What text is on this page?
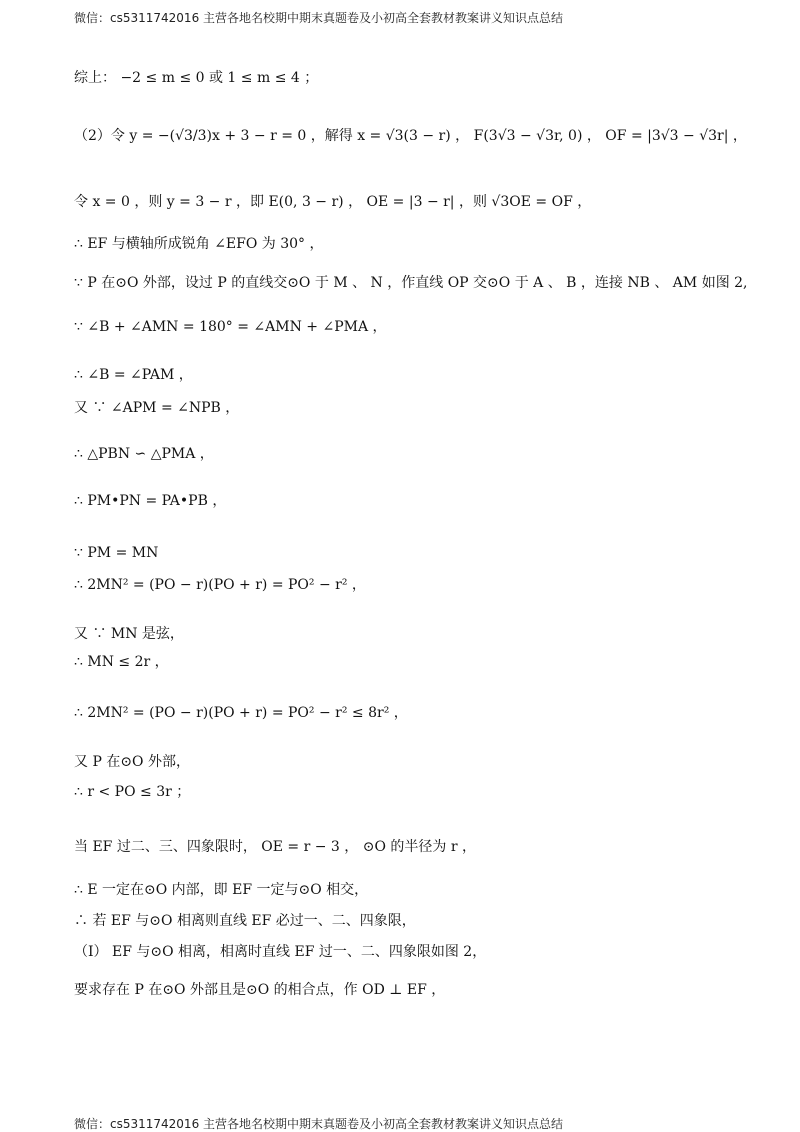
微信：cs5311742016 主营各地名校期中期末真题卷及小初高全套教材教案讲义知识点总结
综上： −2 ≤ m ≤ 0 或 1 ≤ m ≤ 4 ；
（2）令 y = −(√3/3)x + 3 − r = 0 ，解得 x = √3(3 − r) ， F(3√3 − √3r, 0) ， OF = |3√3 − √3r| ，
令 x = 0 ，则 y = 3 − r ，即 E(0, 3 − r) ， OE = |3 − r| ，则 √3OE = OF ，
∴ EF 与横轴所成锐角 ∠EFO 为 30° ，
∵ P 在⊙O 外部，设过 P 的直线交⊙O 于 M 、 N ，作直线 OP 交⊙O 于 A 、 B ，连接 NB 、 AM 如图 2,
∵ ∠B + ∠AMN = 180° = ∠AMN + ∠PMA ，
∴ ∠B = ∠PAM ，
又 ∵ ∠APM = ∠NPB ，
∴ △PBN ∽ △PMA ，
∴ PM•PN = PA•PB ，
∵ PM = MN
∴ 2MN² = (PO − r)(PO + r) = PO² − r² ，
又 ∵ MN 是弦，
∴ MN ≤ 2r ，
∴ 2MN² = (PO − r)(PO + r) = PO² − r² ≤ 8r² ，
又 P 在⊙O 外部，
∴ r < PO ≤ 3r ；
当 EF 过二、三、四象限时， OE = r − 3 ， ⊙O 的半径为 r ，
∴ E 一定在⊙O 内部，即 EF 一定与⊙O 相交，
∴ 若 EF 与⊙O 相离则直线 EF 必过一、二、四象限，
（Ⅰ） EF 与⊙O 相离，相离时直线 EF 过一、二、四象限如图 2，
要求存在 P 在⊙O 外部且是⊙O 的相合点，作 OD ⊥ EF ，
微信：cs5311742016 主营各地名校期中期末真题卷及小初高全套教材教案讲义知识点总结
